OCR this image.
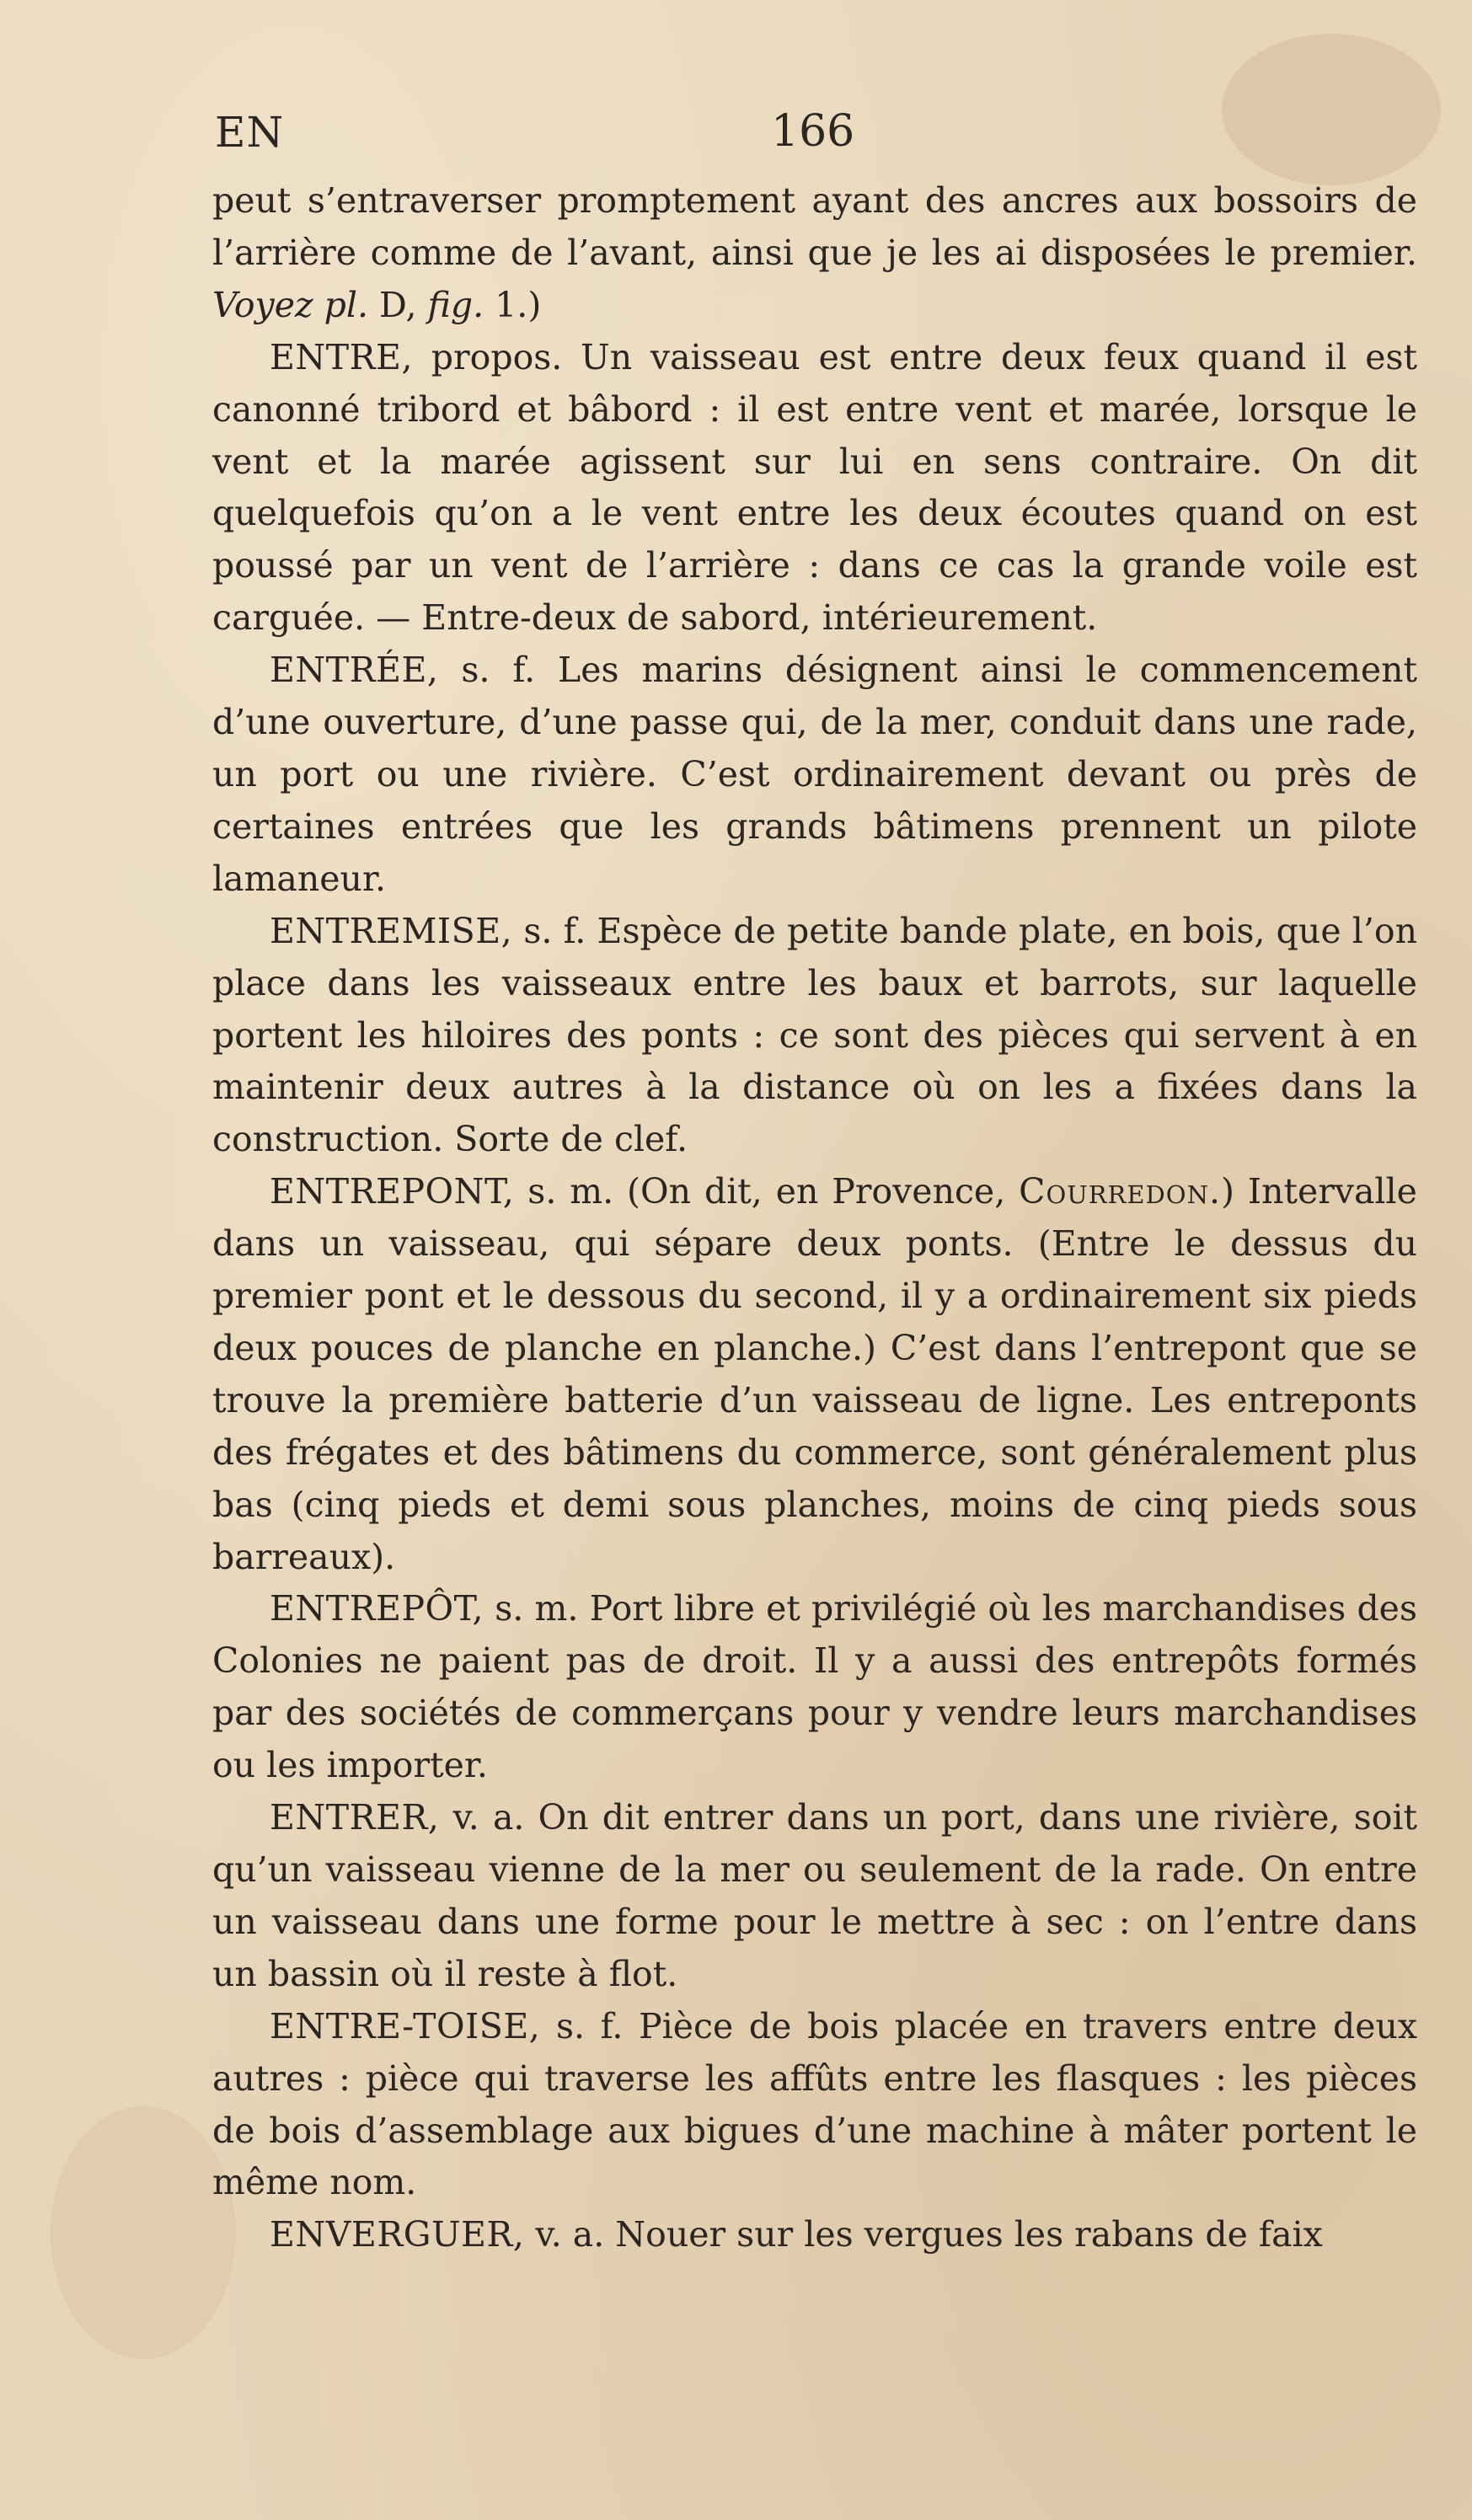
EN	166

peut s’entraverser promptement ayant des ancres aux bossoirs de l’arrière comme de l’avant, ainsi que je les ai disposées le premier. Voyez pl. D, fig. 1.)

ENTRE, propos. Un vaisseau est entre deux feux quand il est canonné tribord et bâbord : il est entre vent et marée, lorsque le vent et la marée agissent sur lui en sens contraire. On dit quelquefois qu’on a le vent entre les deux écoutes quand on est poussé par un vent de l’arrière : dans ce cas la grande voile est carguée. — Entre-deux de sabord, intérieurement.

ENTRÉE, s. f. Les marins désignent ainsi le commencement d’une ouverture, d’une passe qui, de la mer, conduit dans une rade, un port ou une rivière. C’est ordinairement devant ou près de certaines entrées que les grands bâtimens prennent un pilote lamaneur.

ENTREMISE, s. f. Espèce de petite bande plate, en bois, que l’on place dans les vaisseaux entre les baux et barrots, sur laquelle portent les hiloires des ponts : ce sont des pièces qui servent à en maintenir deux autres à la distance où on les a fixées dans la construction. Sorte de clef.

ENTREPONT, s. m. (On dit, en Provence, Courredon.) Intervalle dans un vaisseau, qui sépare deux ponts. (Entre le dessus du premier pont et le dessous du second, il y a ordinairement six pieds deux pouces de planche en planche.) C’est dans l’entrepont que se trouve la première batterie d’un vaisseau de ligne. Les entreponts des frégates et des bâtimens du commerce, sont généralement plus bas (cinq pieds et demi sous planches, moins de cinq pieds sous barreaux).

ENTREPÔT, s. m. Port libre et privilégié où les marchandises des Colonies ne paient pas de droit. Il y a aussi des entrepôts formés par des sociétés de commerçans pour y vendre leurs marchandises ou les importer.

ENTRER, v. a. On dit entrer dans un port, dans une rivière, soit qu’un vaisseau vienne de la mer ou seulement de la rade. On entre un vaisseau dans une forme pour le mettre à sec : on l’entre dans un bassin où il reste à flot.

ENTRE-TOISE, s. f. Pièce de bois placée en travers entre deux autres : pièce qui traverse les affûts entre les flasques : les pièces de bois d’assemblage aux bigues d’une machine à mâter portent le même nom.

ENVERGUER, v. a. Nouer sur les vergues les rabans de faix
